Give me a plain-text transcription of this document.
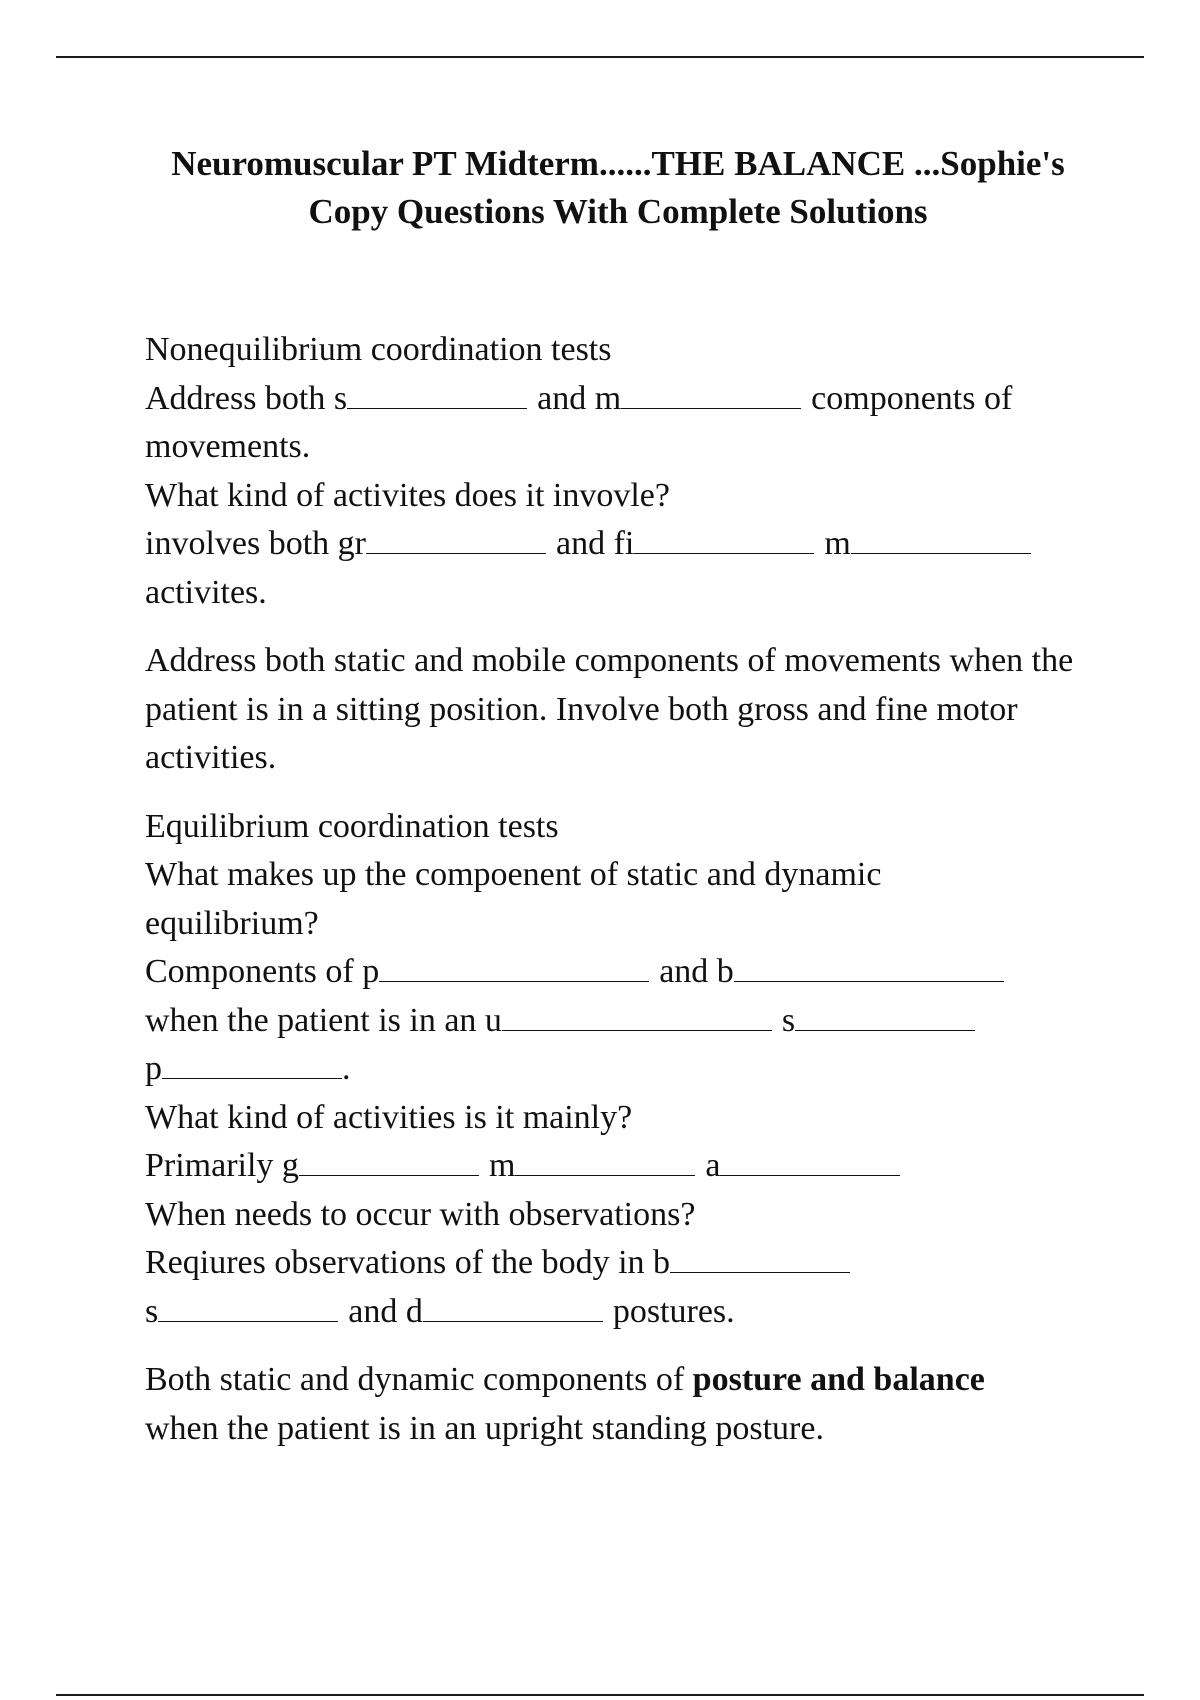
Neuromuscular PT Midterm......THE BALANCE ...Sophie's
Copy Questions With Complete Solutions
Nonequilibrium coordination tests
Address both s	and m	components of
movements.
What kind of activites does it invovle?
involves both gr	and fi	m
activites.
Address both static and mobile components of movements when the patient is in a sitting position. Involve both gross and fine motor activities.
Equilibrium coordination tests
What makes up the compoenent of static and dynamic equilibrium?
Components of p	and b
when the patient is in an u	s
p	.
What kind of activities is it mainly?
Primarily g	m	a
When needs to occur with observations?
Reqiures observations of the body in b
s	and d	postures.
Both static and dynamic components of posture and balance when the patient is in an upright standing posture.
